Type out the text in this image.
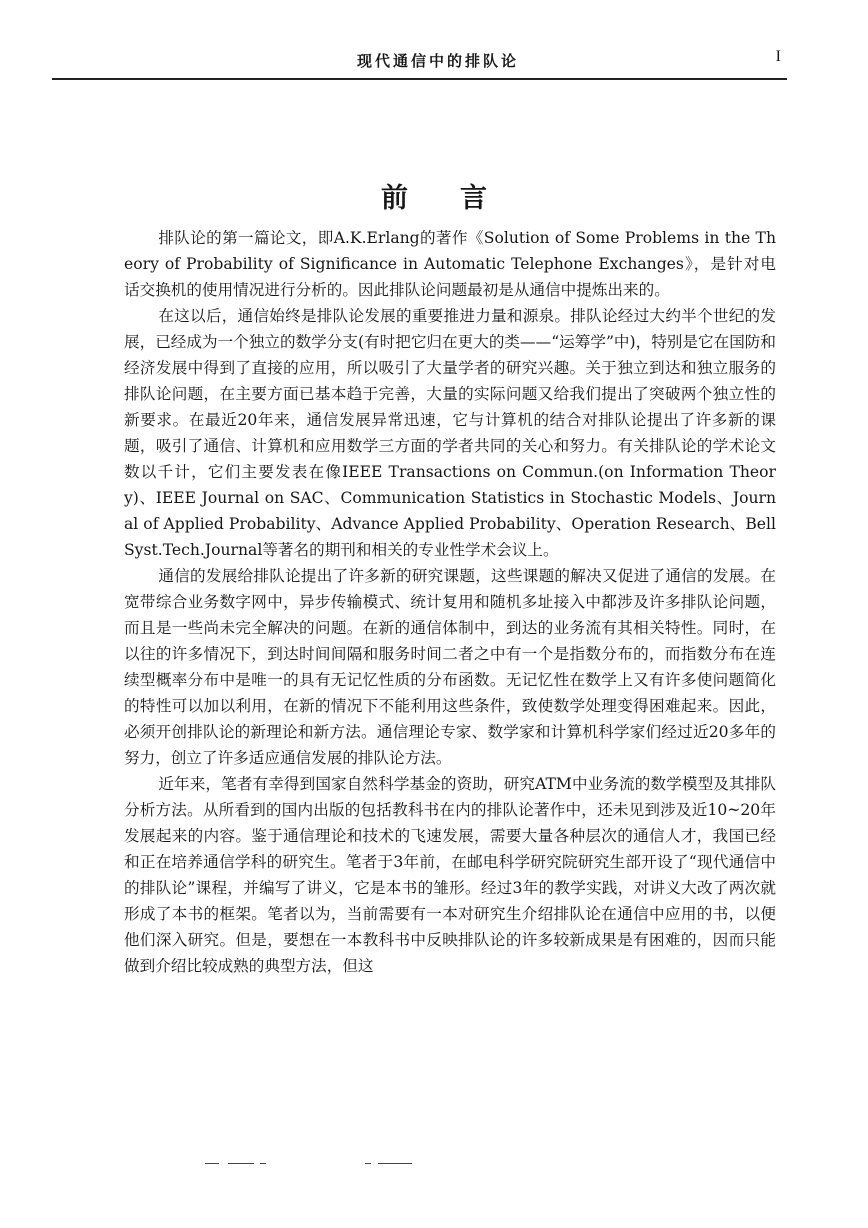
现代通信中的排队论	I
前言

排队论的第一篇论文，即A.K.Erlang的著作《Solution of Some Problems in the Theory of Probability of Significance in Automatic Telephone Exchanges》，是针对电话交换机的使用情况进行分析的。因此排队论问题最初是从通信中提炼出来的。

在这以后，通信始终是排队论发展的重要推进力量和源泉。排队论经过大约半个世纪的发展，已经成为一个独立的数学分支(有时把它归在更大的类——“运筹学”中)，特别是它在国防和经济发展中得到了直接的应用，所以吸引了大量学者的研究兴趣。关于独立到达和独立服务的排队论问题，在主要方面已基本趋于完善，大量的实际问题又给我们提出了突破两个独立性的新要求。在最近20年来，通信发展异常迅速，它与计算机的结合对排队论提出了许多新的课题，吸引了通信、计算机和应用数学三方面的学者共同的关心和努力。有关排队论的学术论文数以千计，它们主要发表在像IEEE Transactions on Commun.(on Information Theory)、IEEE Journal on SAC、Communication Statistics in Stochastic Models、Journal of Applied Probability、Advance Applied Probability、Operation Research、Bell Syst.Tech.Journal等著名的期刊和相关的专业性学术会议上。

通信的发展给排队论提出了许多新的研究课题，这些课题的解决又促进了通信的发展。在宽带综合业务数字网中，异步传输模式、统计复用和随机多址接入中都涉及许多排队论问题，而且是一些尚未完全解决的问题。在新的通信体制中，到达的业务流有其相关特性。同时，在以往的许多情况下，到达时间间隔和服务时间二者之中有一个是指数分布的，而指数分布在连续型概率分布中是唯一的具有无记忆性质的分布函数。无记忆性在数学上又有许多使问题简化的特性可以加以利用，在新的情况下不能利用这些条件，致使数学处理变得困难起来。因此，必须开创排队论的新理论和新方法。通信理论专家、数学家和计算机科学家们经过近20多年的努力，创立了许多适应通信发展的排队论方法。

近年来，笔者有幸得到国家自然科学基金的资助，研究ATM中业务流的数学模型及其排队分析方法。从所看到的国内出版的包括教科书在内的排队论著作中，还未见到涉及近10~20年发展起来的内容。鉴于通信理论和技术的飞速发展，需要大量各种层次的通信人才，我国已经和正在培养通信学科的研究生。笔者于3年前，在邮电科学研究院研究生部开设了“现代通信中的排队论”课程，并编写了讲义，它是本书的雏形。经过3年的教学实践，对讲义大改了两次就形成了本书的框架。笔者以为，当前需要有一本对研究生介绍排队论在通信中应用的书，以便他们深入研究。但是，要想在一本教科书中反映排队论的许多较新成果是有困难的，因而只能做到介绍比较成熟的典型方法，但这
